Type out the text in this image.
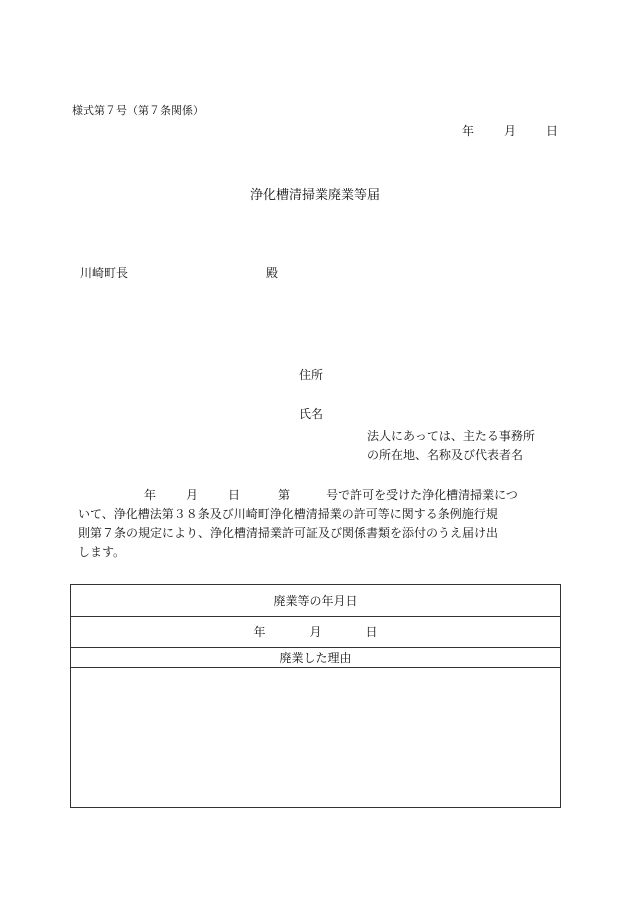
様式第７号（第７条関係）
年	月	日
浄化槽清掃業廃業等届
川崎町長	殿
住所
氏名
法人にあっては、主たる事務所
の所在地、名称及び代表者名
年	月	日	第	号で許可を受けた浄化槽清掃業につ
いて、浄化槽法第３８条及び川崎町浄化槽清掃業の許可等に関する条例施行規
則第７条の規定により、浄化槽清掃業許可証及び関係書類を添付のうえ届け出
します。
廃業等の年月日
年	月	日
廃業した理由
